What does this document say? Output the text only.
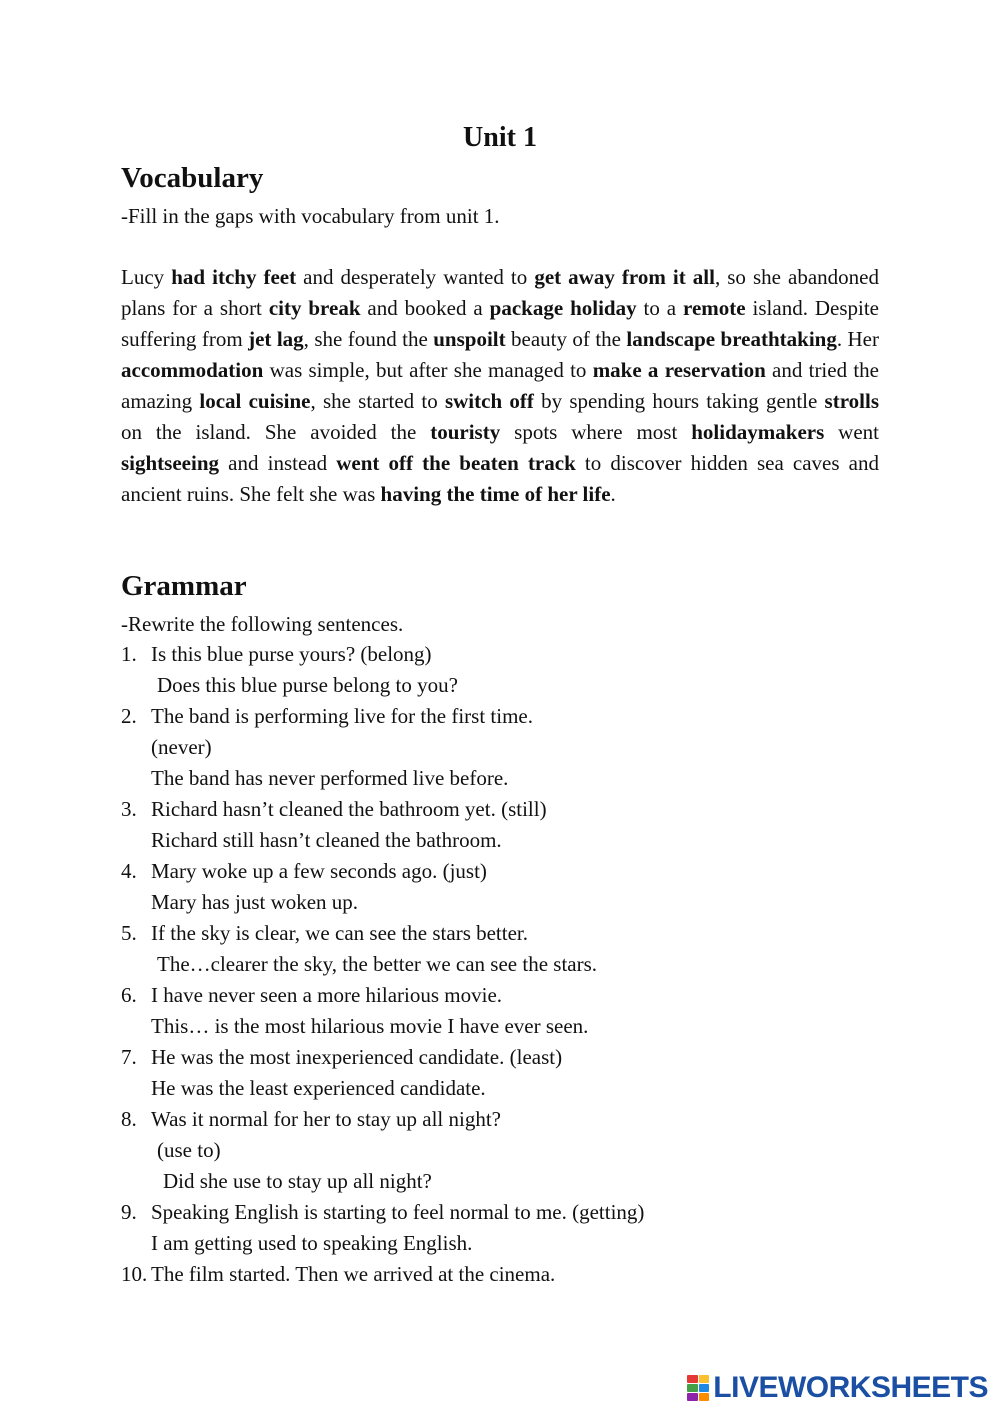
Unit 1
Vocabulary

-Fill in the gaps with vocabulary from unit 1.

Lucy had itchy feet and desperately wanted to get away from it all, so she abandoned plans for a short city break and booked a package holiday to a remote island. Despite suffering from jet lag, she found the unspoilt beauty of the landscape breathtaking. Her accommodation was simple, but after she managed to make a reservation and tried the amazing local cuisine, she started to switch off by spending hours taking gentle strolls on the island. She avoided the touristy spots where most holidaymakers went sightseeing and instead went off the beaten track to discover hidden sea caves and ancient ruins. She felt she was having the time of her life.

Grammar

-Rewrite the following sentences.

1. Is this blue purse yours? (belong)
Does this blue purse belong to you?
2. The band is performing live for the first time.
(never)
The band has never performed live before.
3. Richard hasn’t cleaned the bathroom yet. (still)
Richard still hasn’t cleaned the bathroom.
4. Mary woke up a few seconds ago. (just)
Mary has just woken up.
5. If the sky is clear, we can see the stars better.
The…clearer the sky, the better we can see the stars.
6. I have never seen a more hilarious movie.
This… is the most hilarious movie I have ever seen.
7. He was the most inexperienced candidate. (least)
He was the least experienced candidate.
8. Was it normal for her to stay up all night?
(use to)
Did she use to stay up all night?
9. Speaking English is starting to feel normal to me. (getting)
I am getting used to speaking English.
10. The film started. Then we arrived at the cinema.
LIVEWORKSHEETS
